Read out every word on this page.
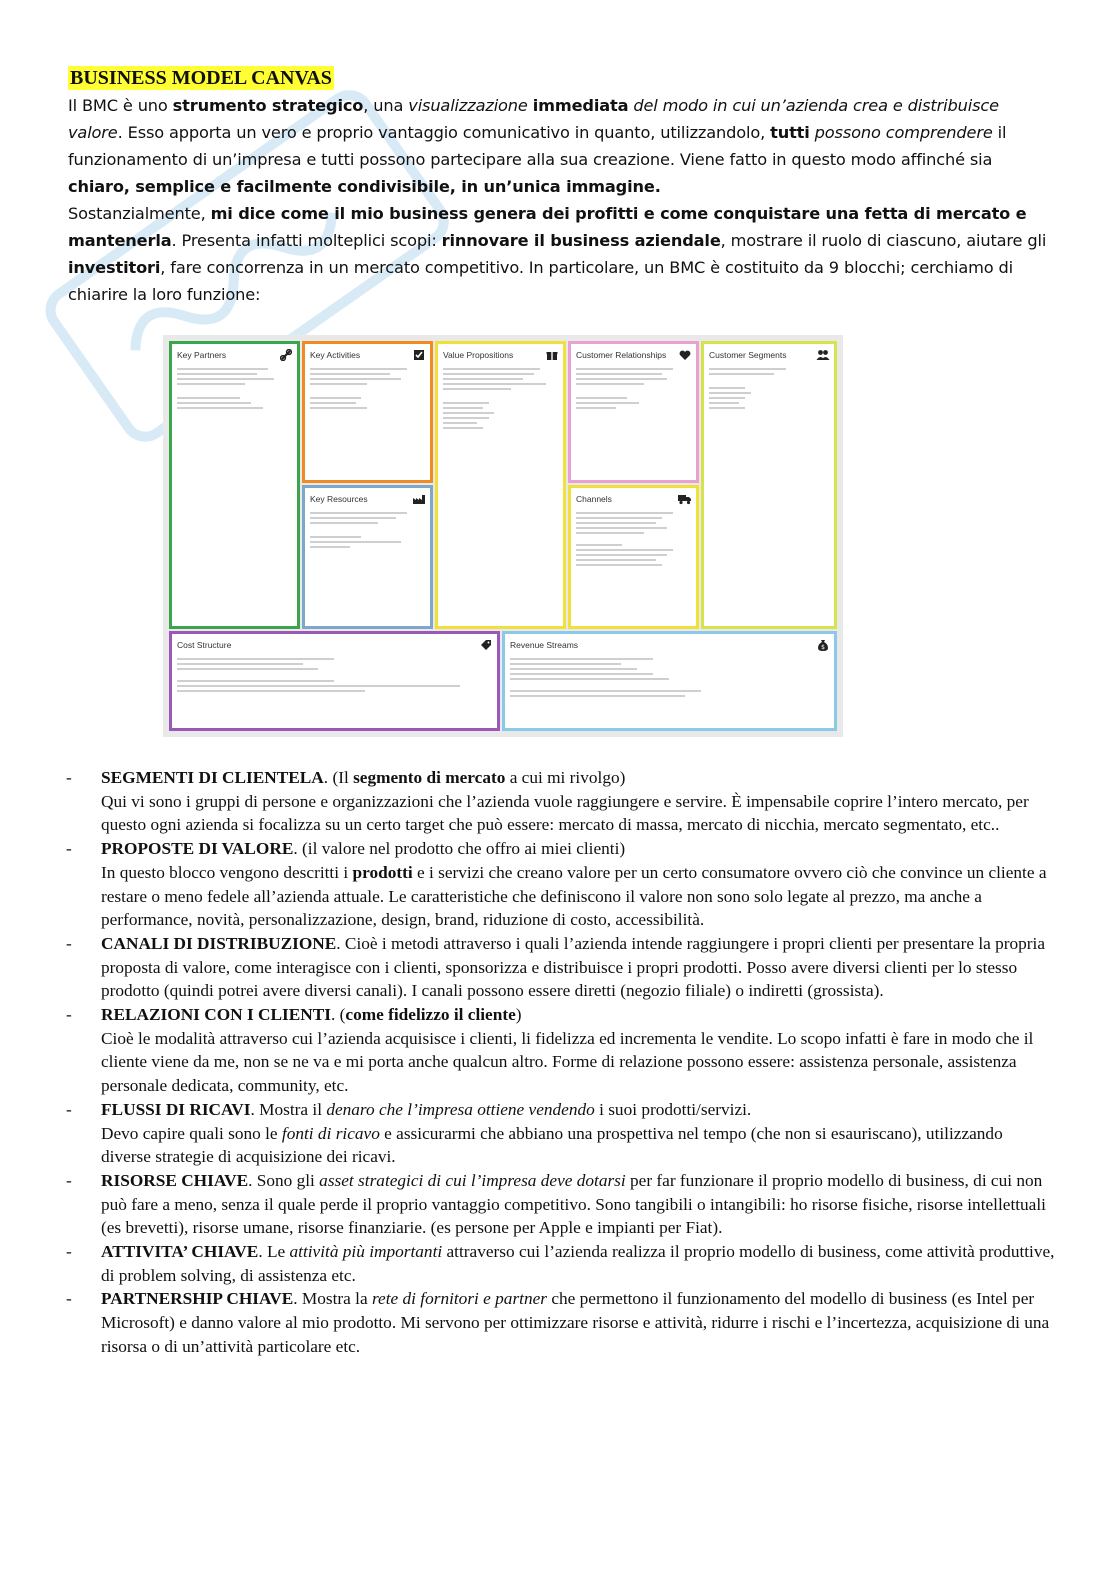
BUSINESS MODEL CANVAS

Il BMC è uno strumento strategico, una visualizzazione immediata del modo in cui un’azienda crea e distribuisce valore. Esso apporta un vero e proprio vantaggio comunicativo in quanto, utilizzandolo, tutti possono comprendere il funzionamento di un’impresa e tutti possono partecipare alla sua creazione. Viene fatto in questo modo affinché sia chiaro, semplice e facilmente condivisibile, in un’unica immagine.

Sostanzialmente, mi dice come il mio business genera dei profitti e come conquistare una fetta di mercato e mantenerla. Presenta infatti molteplici scopi: rinnovare il business aziendale, mostrare il ruolo di ciascuno, aiutare gli investitori, fare concorrenza in un mercato competitivo. In particolare, un BMC è costituito da 9 blocchi; cerchiamo di chiarire la loro funzione:

Key Partners	Key Activities
Key Resources
Value Propositions	Customer Relationships
Channels
Customer Segments
Cost Structure	Revenue Streams	$
- SEGMENTI DI CLIENTELA. (Il segmento di mercato a cui mi rivolgo)

Qui vi sono i gruppi di persone e organizzazioni che l’azienda vuole raggiungere e servire. È impensabile coprire l’intero mercato, per questo ogni azienda si focalizza su un certo target che può essere: mercato di massa, mercato di nicchia, mercato segmentato, etc..

- PROPOSTE DI VALORE. (il valore nel prodotto che offro ai miei clienti)

In questo blocco vengono descritti i prodotti e i servizi che creano valore per un certo consumatore ovvero ciò che convince un cliente a restare o meno fedele all’azienda attuale. Le caratteristiche che definiscono il valore non sono solo legate al prezzo, ma anche a performance, novità, personalizzazione, design, brand, riduzione di costo, accessibilità.

- CANALI DI DISTRIBUZIONE. Cioè i metodi attraverso i quali l’azienda intende raggiungere i propri clienti per presentare la propria proposta di valore, come interagisce con i clienti, sponsorizza e distribuisce i propri prodotti. Posso avere diversi clienti per lo stesso prodotto (quindi potrei avere diversi canali). I canali possono essere diretti (negozio filiale) o indiretti (grossista).

- RELAZIONI CON I CLIENTI. (come fidelizzo il cliente)

Cioè le modalità attraverso cui l’azienda acquisisce i clienti, li fidelizza ed incrementa le vendite. Lo scopo infatti è fare in modo che il cliente viene da me, non se ne va e mi porta anche qualcun altro. Forme di relazione possono essere: assistenza personale, assistenza personale dedicata, community, etc.

- FLUSSI DI RICAVI. Mostra il denaro che l’impresa ottiene vendendo i suoi prodotti/servizi.

Devo capire quali sono le fonti di ricavo e assicurarmi che abbiano una prospettiva nel tempo (che non si esauriscano), utilizzando diverse strategie di acquisizione dei ricavi.

- RISORSE CHIAVE. Sono gli asset strategici di cui l’impresa deve dotarsi per far funzionare il proprio modello di business, di cui non può fare a meno, senza il quale perde il proprio vantaggio competitivo. Sono tangibili o intangibili: ho risorse fisiche, risorse intellettuali (es brevetti), risorse umane, risorse finanziarie. (es persone per Apple e impianti per Fiat).

- ATTIVITA’ CHIAVE. Le attività più importanti attraverso cui l’azienda realizza il proprio modello di business, come attività produttive, di problem solving, di assistenza etc.

- PARTNERSHIP CHIAVE. Mostra la rete di fornitori e partner che permettono il funzionamento del modello di business (es Intel per Microsoft) e danno valore al mio prodotto. Mi servono per ottimizzare risorse e attività, ridurre i rischi e l’incertezza, acquisizione di una risorsa o di un’attività particolare etc.
